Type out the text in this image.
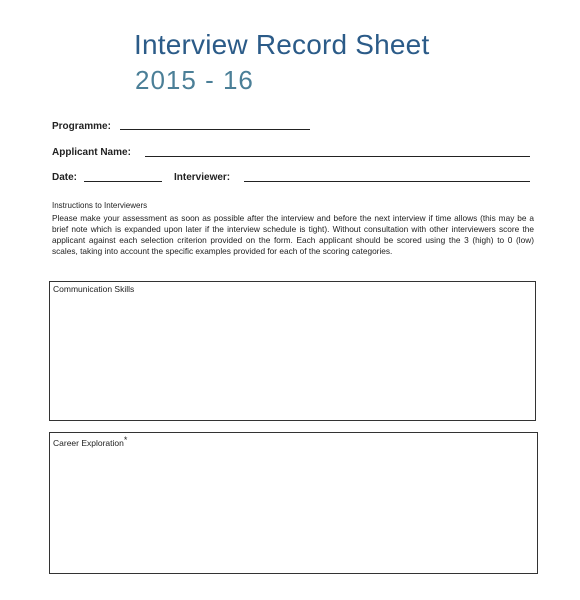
Interview Record Sheet
2015 - 16
Programme:
Applicant Name:
Date:	Interviewer:
Instructions to Interviewers
Please make your assessment as soon as possible after the interview and before the next interview if time allows (this may be a brief note which is expanded upon later if the interview schedule is tight). Without consultation with other interviewers score the applicant against each selection criterion provided on the form. Each applicant should be scored using the 3 (high) to 0 (low) scales, taking into account the specific examples provided for each of the scoring categories.
Communication Skills
Career Exploration*
